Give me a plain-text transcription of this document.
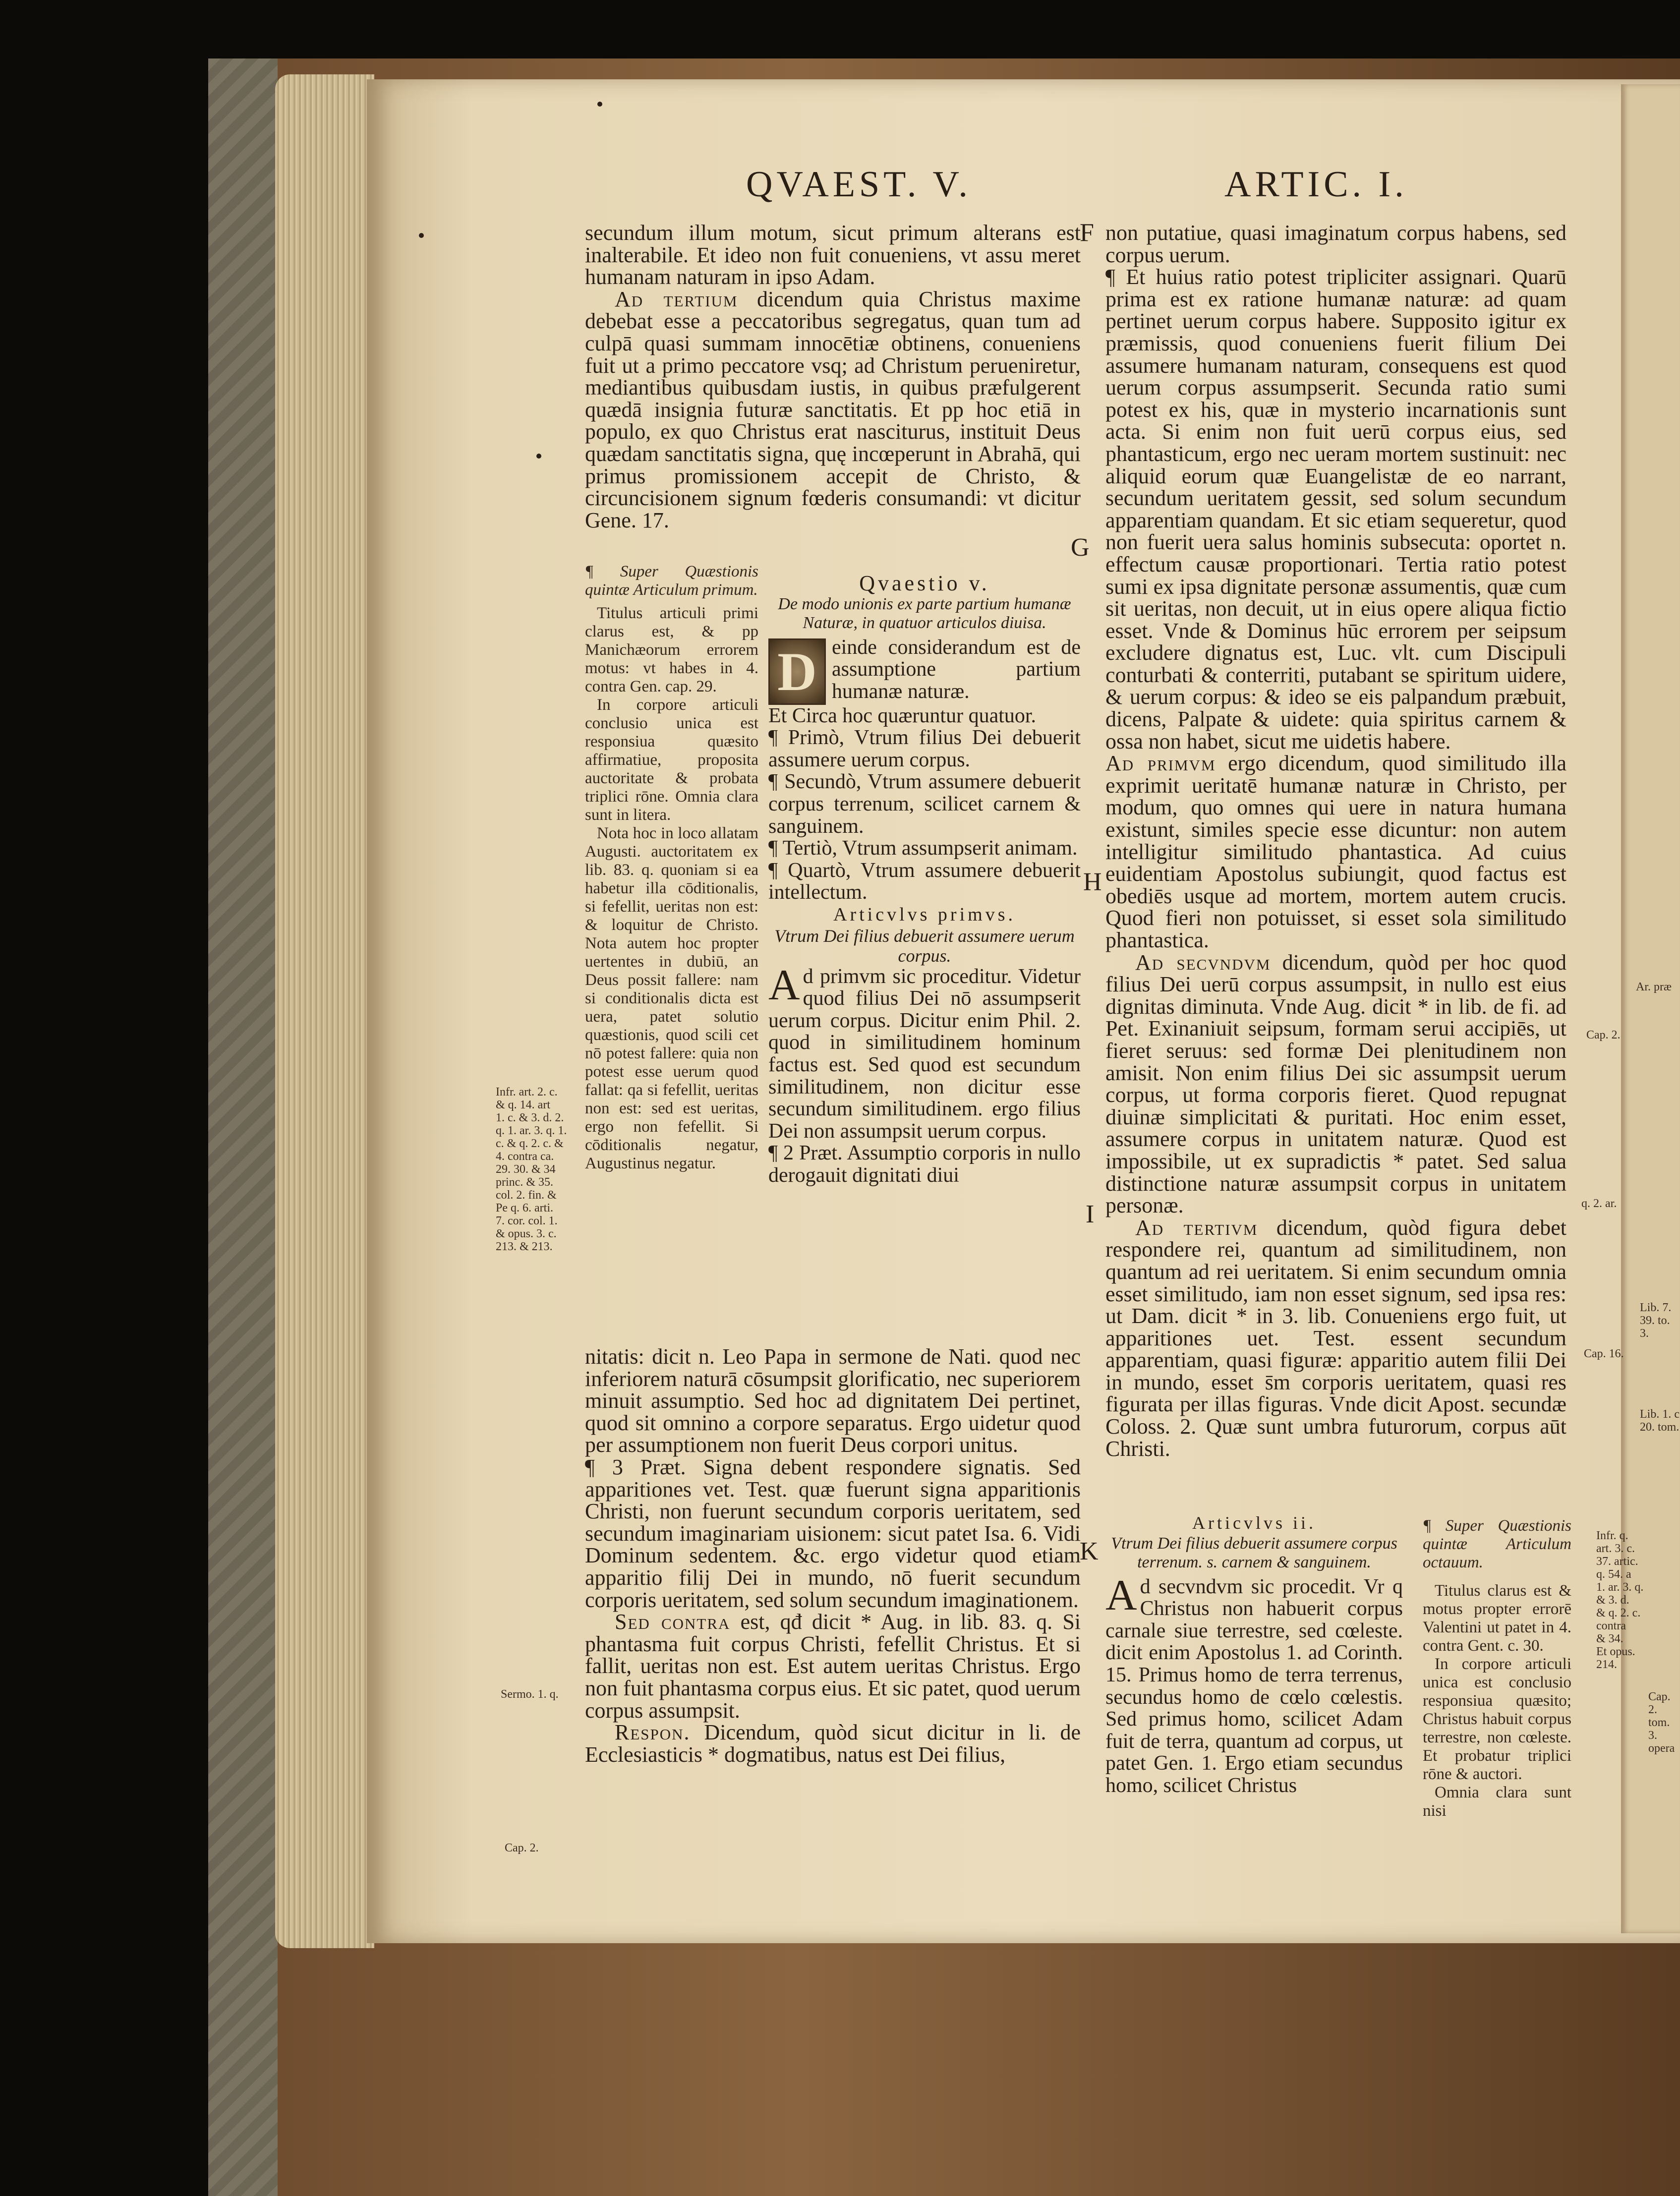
QVAEST. V.	ARTIC. I.

secundum illum motum, sicut primum alterans est inalterabile. Et ideo non fuit conueniens, vt assu meret humanam naturam in ipso Adam.

Ad tertium dicendum quia Christus maxime debebat esse a peccatoribus segregatus, quan tum ad culpā quasi summam innocētiæ obtinens, conueniens fuit ut a primo peccatore vsq; ad Christum perueniretur, mediantibus quibusdam iustis, in quibus præfulgerent quædā insignia futuræ sanctitatis. Et pp hoc etiā in populo, ex quo Christus erat nasciturus, instituit Deus quædam sanctitatis signa, quę incœperunt in Abrahā, qui primus promissionem accepit de Christo, & circuncisionem signum fœderis consumandi: vt dicitur Gene. 17.

¶ Super Quæstionis quintæ Articulum primum.

Titulus articuli primi clarus est, & pp Manichæorum errorem motus: vt habes in 4. contra Gen. cap. 29.

In corpore articuli conclusio unica est responsiua quæsito affirmatiue, proposita auctoritate & probata triplici rōne. Omnia clara sunt in litera.

Nota hoc in loco allatam Augusti. auctoritatem ex lib. 83. q. quoniam si ea habetur illa cōditionalis, si fefellit, ueritas non est: & loquitur de Christo. Nota autem hoc propter uertentes in dubiū, an Deus possit fallere: nam si conditionalis dicta est uera, patet solutio quæstionis, quod scili cet nō potest fallere: quia non potest esse uerum quod fallat: qa si fefellit, ueritas non est: sed est ueritas, ergo non fefellit. Si cōditionalis negatur, Augustinus negatur.

Qvaestio v.

De modo unionis ex parte partium humanæ Naturæ, in quatuor articulos diuisa.

D einde considerandum est de assumptione partium humanæ naturæ.

Et Circa hoc quæruntur quatuor.

¶ Primò, Vtrum filius Dei debuerit assumere uerum corpus.

¶ Secundò, Vtrum assumere debuerit corpus terrenum, scilicet carnem & sanguinem.

¶ Tertiò, Vtrum assumpserit animam.

¶ Quartò, Vtrum assumere debuerit intellectum.

Articvlvs primvs.

Vtrum Dei filius debuerit assumere uerum corpus.

Ad primvm sic proceditur. Videtur quod filius Dei nō assumpserit uerum corpus. Dicitur enim Phil. 2. quod in similitudinem hominum factus est. Sed quod est secundum similitudinem, non dicitur esse secundum similitudinem. ergo filius Dei non assumpsit uerum corpus.

¶ 2 Præt. Assumptio corporis in nullo derogauit dignitati diui

nitatis: dicit n. Leo Papa in sermone de Nati. quod nec inferiorem naturā cōsumpsit glorificatio, nec superiorem minuit assumptio. Sed hoc ad dignitatem Dei pertinet, quod sit omnino a corpore separatus. Ergo uidetur quod per assumptionem non fuerit Deus corpori unitus.

¶ 3 Præt. Signa debent respondere signatis. Sed apparitiones vet. Test. quæ fuerunt signa apparitionis Christi, non fuerunt secundum corporis ueritatem, sed secundum imaginariam uisionem: sicut patet Isa. 6. Vidi Dominum sedentem. &c. ergo videtur quod etiam apparitio filij Dei in mundo, nō fuerit secundum corporis ueritatem, sed solum secundum imaginationem.

Sed contra est, qđ dicit * Aug. in lib. 83. q. Si phantasma fuit corpus Christi, fefellit Christus. Et si fallit, ueritas non est. Est autem ueritas Christus. Ergo non fuit phantasma corpus eius. Et sic patet, quod uerum corpus assumpsit.

Respon. Dicendum, quòd sicut dicitur in li. de Ecclesiasticis * dogmatibus, natus est Dei filius,

non putatiue, quasi imaginatum corpus habens, sed corpus uerum.

¶ Et huius ratio potest tripliciter assignari. Quarū prima est ex ratione humanæ naturæ: ad quam pertinet uerum corpus habere. Supposito igitur ex præmissis, quod conueniens fuerit filium Dei assumere humanam naturam, consequens est quod uerum corpus assumpserit. Secunda ratio sumi potest ex his, quæ in mysterio incarnationis sunt acta. Si enim non fuit uerū corpus eius, sed phantasticum, ergo nec ueram mortem sustinuit: nec aliquid eorum quæ Euangelistæ de eo narrant, secundum ueritatem gessit, sed solum secundum apparentiam quandam. Et sic etiam sequeretur, quod non fuerit uera salus hominis subsecuta: oportet n. effectum causæ proportionari. Tertia ratio potest sumi ex ipsa dignitate personæ assumentis, quæ cum sit ueritas, non decuit, ut in eius opere aliqua fictio esset. Vnde & Dominus hūc errorem per seipsum excludere dignatus est, Luc. vlt. cum Discipuli conturbati & conterriti, putabant se spiritum uidere, & uerum corpus: & ideo se eis palpandum præbuit, dicens, Palpate & uidete: quia spiritus carnem & ossa non habet, sicut me uidetis habere.

Ad primvm ergo dicendum, quod similitudo illa exprimit ueritatē humanæ naturæ in Christo, per modum, quo omnes qui uere in natura humana existunt, similes specie esse dicuntur: non autem intelligitur similitudo phantastica. Ad cuius euidentiam Apostolus subiungit, quod factus est obediēs usque ad mortem, mortem autem crucis. Quod fieri non potuisset, si esset sola similitudo phantastica.

Ad secvndvm dicendum, quòd per hoc quod filius Dei uerū corpus assumpsit, in nullo est eius dignitas diminuta. Vnde Aug. dicit * in lib. de fi. ad Pet. Exinaniuit seipsum, formam serui accipiēs, ut fieret seruus: sed formæ Dei plenitudinem non amisit. Non enim filius Dei sic assumpsit uerum corpus, ut forma corporis fieret. Quod repugnat diuinæ simplicitati & puritati. Hoc enim esset, assumere corpus in unitatem naturæ. Quod est impossibile, ut ex supradictis * patet. Sed salua distinctione naturæ assumpsit corpus in unitatem personæ.

Ad tertivm dicendum, quòd figura debet respondere rei, quantum ad similitudinem, non quantum ad rei ueritatem. Si enim secundum omnia esset similitudo, iam non esset signum, sed ipsa res: ut Dam. dicit * in 3. lib. Conueniens ergo fuit, ut apparitiones uet. Test. essent secundum apparentiam, quasi figuræ: apparitio autem filii Dei in mundo, esset s̄m corporis ueritatem, quasi res figurata per illas figuras. Vnde dicit Apost. secundæ Coloss. 2. Quæ sunt umbra futurorum, corpus aūt Christi.

Articvlvs ii.

Vtrum Dei filius debuerit assumere corpus terrenum. s. carnem & sanguinem.

Ad secvndvm sic procedit. Vr q Christus non habuerit corpus carnale siue terrestre, sed cœleste. dicit enim Apostolus 1. ad Corinth. 15. Primus homo de terra terrenus, secundus homo de cœlo cœlestis. Sed primus homo, scilicet Adam fuit de terra, quantum ad corpus, ut patet Gen. 1. Ergo etiam secundus homo, scilicet Christus

¶ Super Quæstionis quintæ Articulum octauum.

Titulus clarus est & motus propter errorē Valentini ut patet in 4. contra Gent. c. 30.

In corpore articuli unica est conclusio responsiua quæsito; Christus habuit corpus terrestre, non cœleste. Et probatur triplici rōne & auctori.

Omnia clara sunt nisi

F
G
H
I
K
Infr. art. 2. c.
& q. 14. art
1. c. & 3. d. 2.
q. 1. ar. 3. q. 1.
c. & q. 2. c. &
4. contra ca.
29. 30. & 34
princ. & 35.
col. 2. fin. &
Pe q. 6. arti.
7. cor. col. 1.
& opus. 3. c.
213. & 213.
Sermo. 1. q.
Cap. 2.
Ar. præ
Cap. 2.
q. 2. ar.
Lib. 7.
39. to. 3.
Cap. 16.
Lib. 1. c
20. tom.
Infr. q.
art. 3. c.
37. artic.
q. 54. a
1. ar. 3. q.
& 3. d.
& q. 2. c.
contra
& 34.
Et opus.
214.
Cap. 2.
tom. 3.
opera
